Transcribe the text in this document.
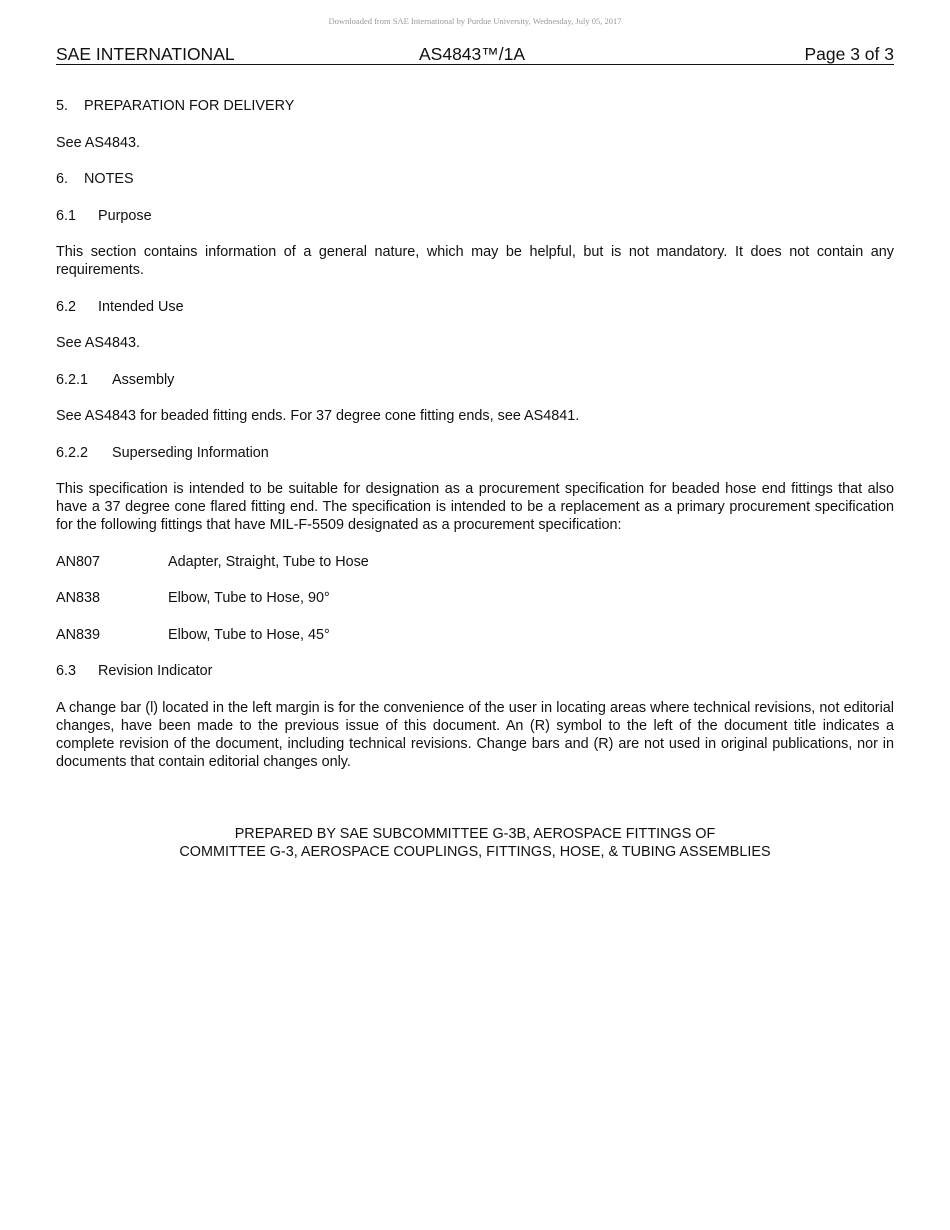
Downloaded from SAE International by Purdue University, Wednesday, July 05, 2017
SAE INTERNATIONAL	AS4843™/1A	Page 3 of 3

5. PREPARATION FOR DELIVERY

See AS4843.

6. NOTES

6.1 Purpose

This section contains information of a general nature, which may be helpful, but is not mandatory. It does not contain any requirements.

6.2 Intended Use

See AS4843.

6.2.1 Assembly

See AS4843 for beaded fitting ends. For 37 degree cone fitting ends, see AS4841.

6.2.2 Superseding Information

This specification is intended to be suitable for designation as a procurement specification for beaded hose end fittings that also have a 37 degree cone flared fitting end. The specification is intended to be a replacement as a primary procurement specification for the following fittings that have MIL-F-5509 designated as a procurement specification:

AN807	Adapter, Straight, Tube to Hose

AN838	Elbow, Tube to Hose, 90°

AN839	Elbow, Tube to Hose, 45°

6.3 Revision Indicator

A change bar (l) located in the left margin is for the convenience of the user in locating areas where technical revisions, not editorial changes, have been made to the previous issue of this document. An (R) symbol to the left of the document title indicates a complete revision of the document, including technical revisions. Change bars and (R) are not used in original publications, nor in documents that contain editorial changes only.

PREPARED BY SAE SUBCOMMITTEE G-3B, AEROSPACE FITTINGS OF
COMMITTEE G-3, AEROSPACE COUPLINGS, FITTINGS, HOSE, & TUBING ASSEMBLIES
